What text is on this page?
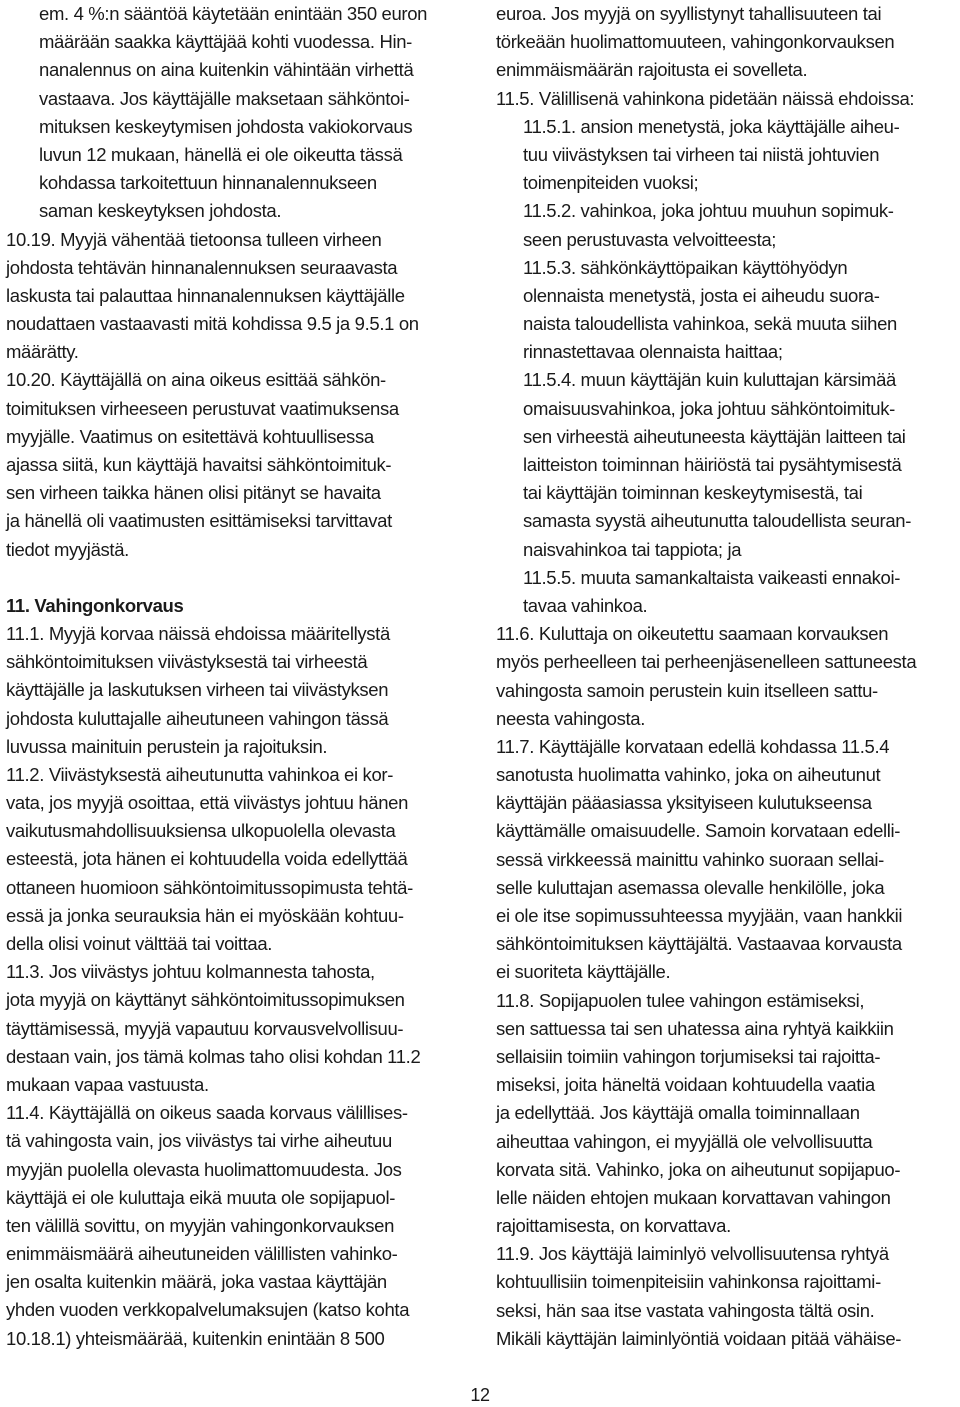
em. 4 %:n sääntöä käytetään enintään 350 euron
määrään saakka käyttäjää kohti vuodessa. Hin-
nanalennus on aina kuitenkin vähintään virhettä
vastaava. Jos käyttäjälle maksetaan sähköntoi-
mituksen keskeytymisen johdosta vakiokorvaus
luvun 12 mukaan, hänellä ei ole oikeutta tässä
kohdassa tarkoitettuun hinnanalennukseen
saman keskeytyksen johdosta.
10.19. Myyjä vähentää tietoonsa tulleen virheen
johdosta tehtävän hinnanalennuksen seuraavasta
laskusta tai palauttaa hinnanalennuksen käyttäjälle
noudattaen vastaavasti mitä kohdissa 9.5 ja 9.5.1 on
määrätty.
10.20. Käyttäjällä on aina oikeus esittää sähkön-
toimituksen virheeseen perustuvat vaatimuksensa
myyjälle. Vaatimus on esitettävä kohtuullisessa
ajassa siitä, kun käyttäjä havaitsi sähköntoimituk-
sen virheen taikka hänen olisi pitänyt se havaita
ja hänellä oli vaatimusten esittämiseksi tarvittavat
tiedot myyjästä.
11. Vahingonkorvaus
11.1. Myyjä korvaa näissä ehdoissa määritellystä
sähköntoimituksen viivästyksestä tai virheestä
käyttäjälle ja laskutuksen virheen tai viivästyksen
johdosta kuluttajalle aiheutuneen vahingon tässä
luvussa mainituin perustein ja rajoituksin.
11.2. Viivästyksestä aiheutunutta vahinkoa ei kor-
vata, jos myyjä osoittaa, että viivästys johtuu hänen
vaikutusmahdollisuuksiensa ulkopuolella olevasta
esteestä, jota hänen ei kohtuudella voida edellyttää
ottaneen huomioon sähköntoimitussopimusta tehtä-
essä ja jonka seurauksia hän ei myöskään kohtuu-
della olisi voinut välttää tai voittaa.
11.3. Jos viivästys johtuu kolmannesta tahosta,
jota myyjä on käyttänyt sähköntoimitussopimuksen
täyttämisessä, myyjä vapautuu korvausvelvollisuu-
destaan vain, jos tämä kolmas taho olisi kohdan 11.2
mukaan vapaa vastuusta.
11.4. Käyttäjällä on oikeus saada korvaus välillises-
tä vahingosta vain, jos viivästys tai virhe aiheutuu
myyjän puolella olevasta huolimattomuudesta. Jos
käyttäjä ei ole kuluttaja eikä muuta ole sopijapuol-
ten välillä sovittu, on myyjän vahingonkorvauksen
enimmäismäärä aiheutuneiden välillisten vahinko-
jen osalta kuitenkin määrä, joka vastaa käyttäjän
yhden vuoden verkkopalvelumaksujen (katso kohta
10.18.1) yhteismäärää, kuitenkin enintään 8 500
euroa. Jos myyjä on syyllistynyt tahallisuuteen tai
törkeään huolimattomuuteen, vahingonkorvauksen
enimmäismäärän rajoitusta ei sovelleta.
11.5. Välillisenä vahinkona pidetään näissä ehdoissa:
11.5.1. ansion menetystä, joka käyttäjälle aiheu-
tuu viivästyksen tai virheen tai niistä johtuvien
toimenpiteiden vuoksi;
11.5.2. vahinkoa, joka johtuu muuhun sopimuk-
seen perustuvasta velvoitteesta;
11.5.3. sähkönkäyttöpaikan käyttöhyödyn
olennaista menetystä, josta ei aiheudu suora-
naista taloudellista vahinkoa, sekä muuta siihen
rinnastettavaa olennaista haittaa;
11.5.4. muun käyttäjän kuin kuluttajan kärsimää
omaisuusvahinkoa, joka johtuu sähköntoimituk-
sen virheestä aiheutuneesta käyttäjän laitteen tai
laitteiston toiminnan häiriöstä tai pysähtymisestä
tai käyttäjän toiminnan keskeytymisestä, tai
samasta syystä aiheutunutta taloudellista seuran-
naisvahinkoa tai tappiota; ja
11.5.5. muuta samankaltaista vaikeasti ennakoi-
tavaa vahinkoa.
11.6. Kuluttaja on oikeutettu saamaan korvauksen
myös perheelleen tai perheenjäsenelleen sattuneesta
vahingosta samoin perustein kuin itselleen sattu-
neesta vahingosta.
11.7. Käyttäjälle korvataan edellä kohdassa 11.5.4
sanotusta huolimatta vahinko, joka on aiheutunut
käyttäjän pääasiassa yksityiseen kulutukseensa
käyttämälle omaisuudelle. Samoin korvataan edelli-
sessä virkkeessä mainittu vahinko suoraan sellai-
selle kuluttajan asemassa olevalle henkilölle, joka
ei ole itse sopimussuhteessa myyjään, vaan hankkii
sähköntoimituksen käyttäjältä. Vastaavaa korvausta
ei suoriteta käyttäjälle.
11.8. Sopijapuolen tulee vahingon estämiseksi,
sen sattuessa tai sen uhatessa aina ryhtyä kaikkiin
sellaisiin toimiin vahingon torjumiseksi tai rajoitta-
miseksi, joita häneltä voidaan kohtuudella vaatia
ja edellyttää. Jos käyttäjä omalla toiminnallaan
aiheuttaa vahingon, ei myyjällä ole velvollisuutta
korvata sitä. Vahinko, joka on aiheutunut sopijapuo-
lelle näiden ehtojen mukaan korvattavan vahingon
rajoittamisesta, on korvattava.
11.9. Jos käyttäjä laiminlyö velvollisuutensa ryhtyä
kohtuullisiin toimenpiteisiin vahinkonsa rajoittami-
seksi, hän saa itse vastata vahingosta tältä osin.
Mikäli käyttäjän laiminlyöntiä voidaan pitää vähäise-
12
